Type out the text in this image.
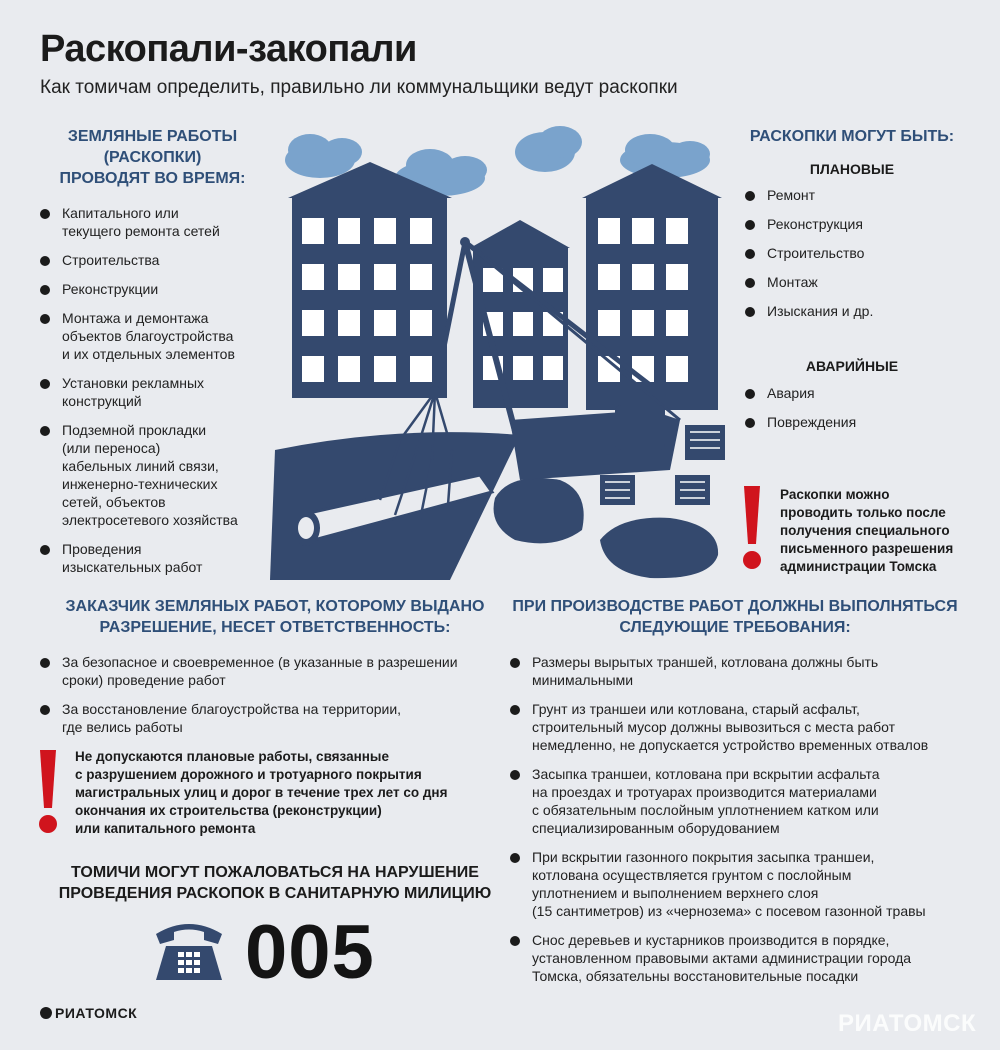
Раскопали-закопали
Как томичам определить, правильно ли коммунальщики ведут раскопки
ЗЕМЛЯНЫЕ РАБОТЫ
(РАСКОПКИ)
ПРОВОДЯТ ВО ВРЕМЯ:
Капитального или
текущего ремонта сетей
Строительства
Реконструкции
Монтажа и демонтажа
объектов благоустройства
и их отдельных элементов
Установки рекламных
конструкций
Подземной прокладки
(или переноса)
кабельных линий связи,
инженерно-технических
сетей, объектов
электросетевого хозяйства
Проведения
изыскательных работ
РАСКОПКИ МОГУТ БЫТЬ:
ПЛАНОВЫЕ
Ремонт
Реконструкция
Строительство
Монтаж
Изыскания и др.
АВАРИЙНЫЕ
Авария
Повреждения
Раскопки можно
проводить только после
получения специального
письменного разрешения
администрации Томска
ЗАКАЗЧИК ЗЕМЛЯНЫХ РАБОТ, КОТОРОМУ ВЫДАНО
РАЗРЕШЕНИЕ, НЕСЕТ ОТВЕТСТВЕННОСТЬ:
За безопасное и своевременное (в указанные в разрешении
сроки) проведение работ
За восстановление благоустройства на территории,
где велись работы
Не допускаются плановые работы, связанные
с разрушением дорожного и тротуарного покрытия
магистральных улиц и дорог в течение трех лет со дня
окончания их строительства (реконструкции)
или капитального ремонта
ТОМИЧИ МОГУТ ПОЖАЛОВАТЬСЯ НА НАРУШЕНИЕ
ПРОВЕДЕНИЯ РАСКОПОК В САНИТАРНУЮ МИЛИЦИЮ
005
ПРИ ПРОИЗВОДСТВЕ РАБОТ ДОЛЖНЫ ВЫПОЛНЯТЬСЯ
СЛЕДУЮЩИЕ ТРЕБОВАНИЯ:
Размеры вырытых траншей, котлована должны быть
минимальными
Грунт из траншеи или котлована, старый асфальт,
строительный мусор должны вывозиться с места работ
немедленно, не допускается устройство временных отвалов
Засыпка траншеи, котлована при вскрытии асфальта
на проездах и тротуарах производится материалами
с обязательным послойным уплотнением катком или
специализированным оборудованием
При вскрытии газонного покрытия засыпка траншеи,
котлована осуществляется грунтом с послойным
уплотнением и выполнением верхнего слоя
(15 сантиметров) из «чернозема» с посевом газонной травы
Снос деревьев и кустарников производится в порядке,
установленном правовыми актами администрации города
Томска, обязательны восстановительные посадки
РИАТОМСК	РИАТОМСК
